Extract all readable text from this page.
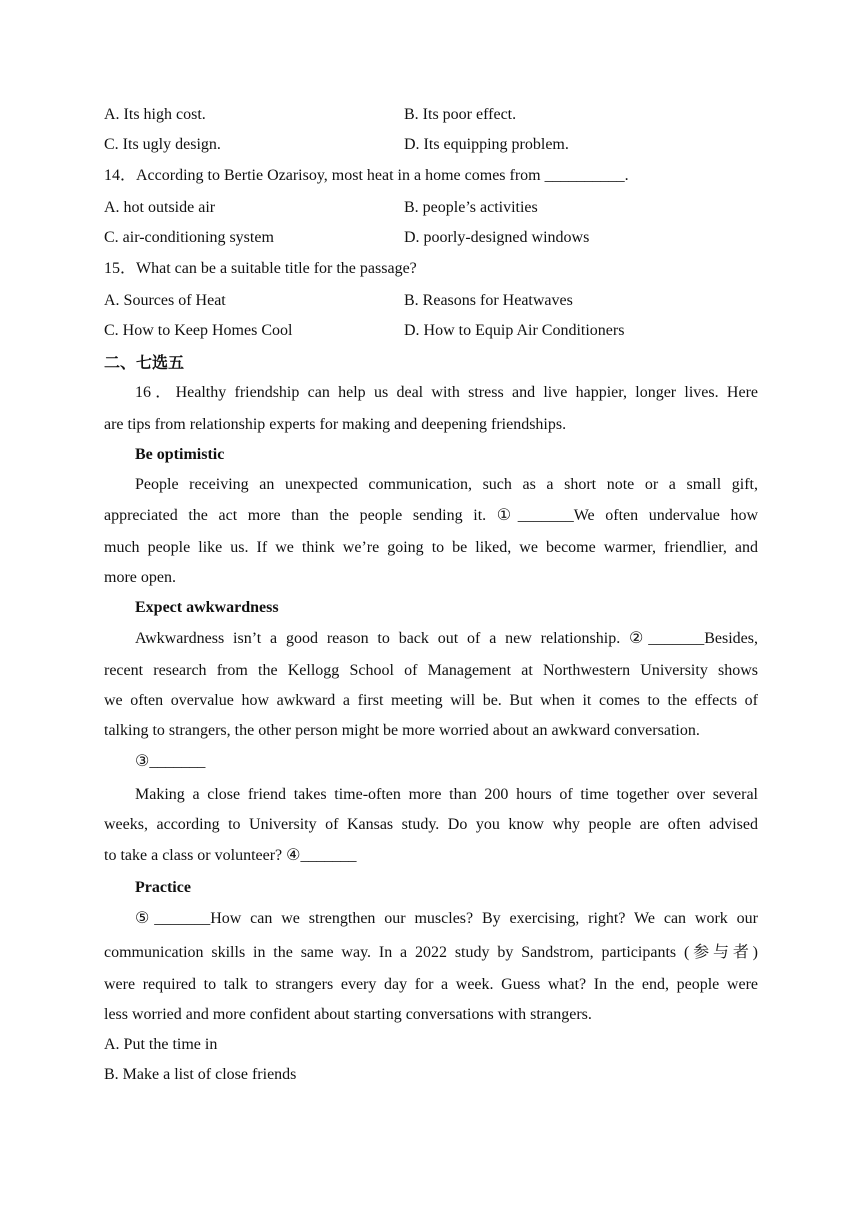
A. Its high cost.	B. Its poor effect.
C. Its ugly design.	D. Its equipping problem.
14．According to Bertie Ozarisoy, most heat in a home comes from __________.
A. hot outside air	B. people’s activities
C. air-conditioning system	D. poorly-designed windows
15．What can be a suitable title for the passage?
A. Sources of Heat	B. Reasons for Heatwaves
C. How to Keep Homes Cool	D. How to Equip Air Conditioners
二、七选五
16．Healthy friendship can help us deal with stress and live happier, longer lives. Here
are tips from relationship experts for making and deepening friendships.
Be optimistic
People receiving an unexpected communication, such as a short note or a small gift,
appreciated the act more than the people sending it. ①_______We often undervalue how
much people like us. If we think we’re going to be liked, we become warmer, friendlier, and
more open.
Expect awkwardness
Awkwardness isn’t a good reason to back out of a new relationship. ②_______Besides,
recent research from the Kellogg School of Management at Northwestern University shows
we often overvalue how awkward a first meeting will be. But when it comes to the effects of
talking to strangers, the other person might be more worried about an awkward conversation.
③_______
Making a close friend takes time-often more than 200 hours of time together over several
weeks, according to University of Kansas study. Do you know why people are often advised
to take a class or volunteer? ④_______
Practice
⑤_______How can we strengthen our muscles? By exercising, right? We can work our
communication skills in the same way. In a 2022 study by Sandstrom, participants (参与者)
were required to talk to strangers every day for a week. Guess what? In the end, people were
less worried and more confident about starting conversations with strangers.
A. Put the time in
B. Make a list of close friends
